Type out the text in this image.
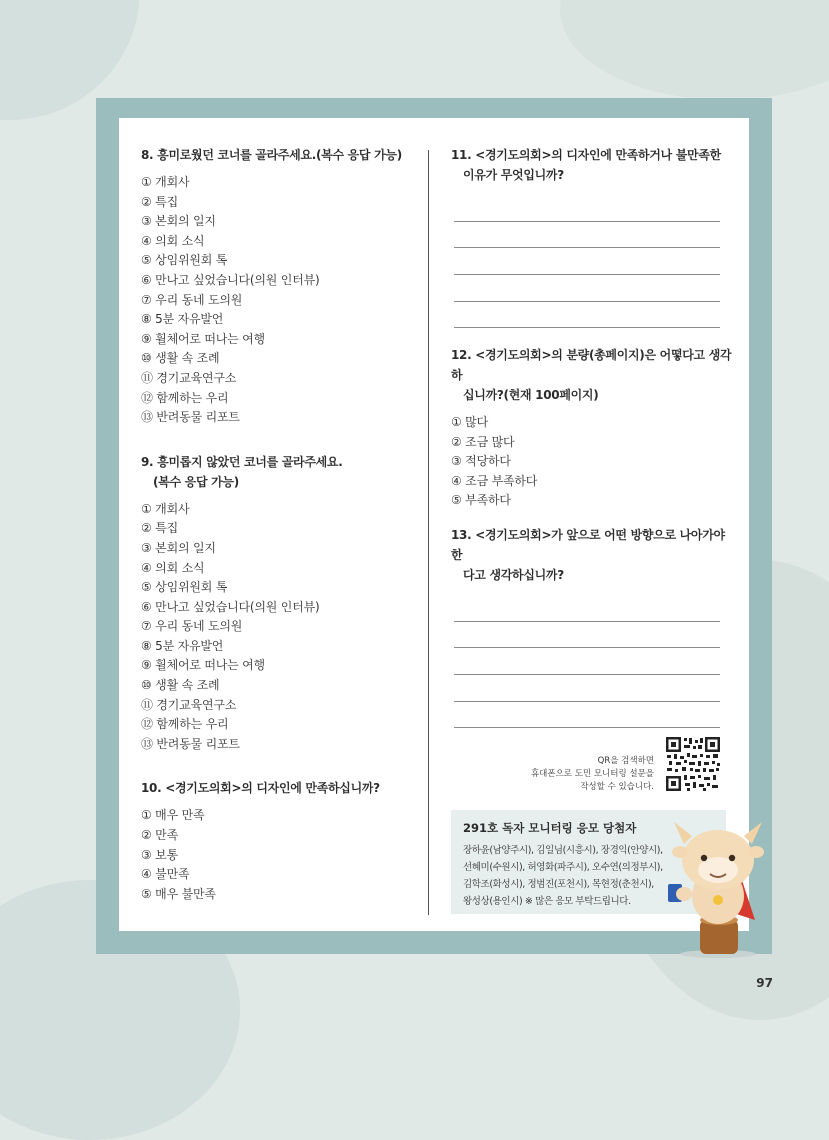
8. 흥미로웠던 코너를 골라주세요.(복수 응답 가능)
① 개회사
② 특집
③ 본회의 일지
④ 의회 소식
⑤ 상임위원회 톡
⑥ 만나고 싶었습니다(의원 인터뷰)
⑦ 우리 동네 도의원
⑧ 5분 자유발언
⑨ 휠체어로 떠나는 여행
⑩ 생활 속 조례
⑪ 경기교육연구소
⑫ 함께하는 우리
⑬ 반려동물 리포트
9. 흥미롭지 않았던 코너를 골라주세요.
(복수 응답 가능)
① 개회사
② 특집
③ 본회의 일지
④ 의회 소식
⑤ 상임위원회 톡
⑥ 만나고 싶었습니다(의원 인터뷰)
⑦ 우리 동네 도의원
⑧ 5분 자유발언
⑨ 휠체어로 떠나는 여행
⑩ 생활 속 조례
⑪ 경기교육연구소
⑫ 함께하는 우리
⑬ 반려동물 리포트
10. <경기도의회>의 디자인에 만족하십니까?
① 매우 만족
② 만족
③ 보통
④ 불만족
⑤ 매우 불만족
11. <경기도의회>의 디자인에 만족하거나 불만족한
이유가 무엇입니까?
12. <경기도의회>의 분량(총페이지)은 어떻다고 생각하
십니까?(현재 100페이지)
① 많다
② 조금 많다
③ 적당하다
④ 조금 부족하다
⑤ 부족하다
13. <경기도의회>가 앞으로 어떤 방향으로 나아가야 한
다고 생각하십니까?
QR을 검색하면
휴대폰으로 도민 모니터링 설문을
작성할 수 있습니다.
291호 독자 모니터링 응모 당첨자
장하윤(남양주시), 김일님(시흥시), 장경익(안양시),
선혜미(수원시), 허영화(파주시), 오수연(의정부시),
김학조(화성시), 정범진(포천시), 목현정(춘천시),
왕성상(용인시) ※ 많은 응모 부탁드립니다.
97
